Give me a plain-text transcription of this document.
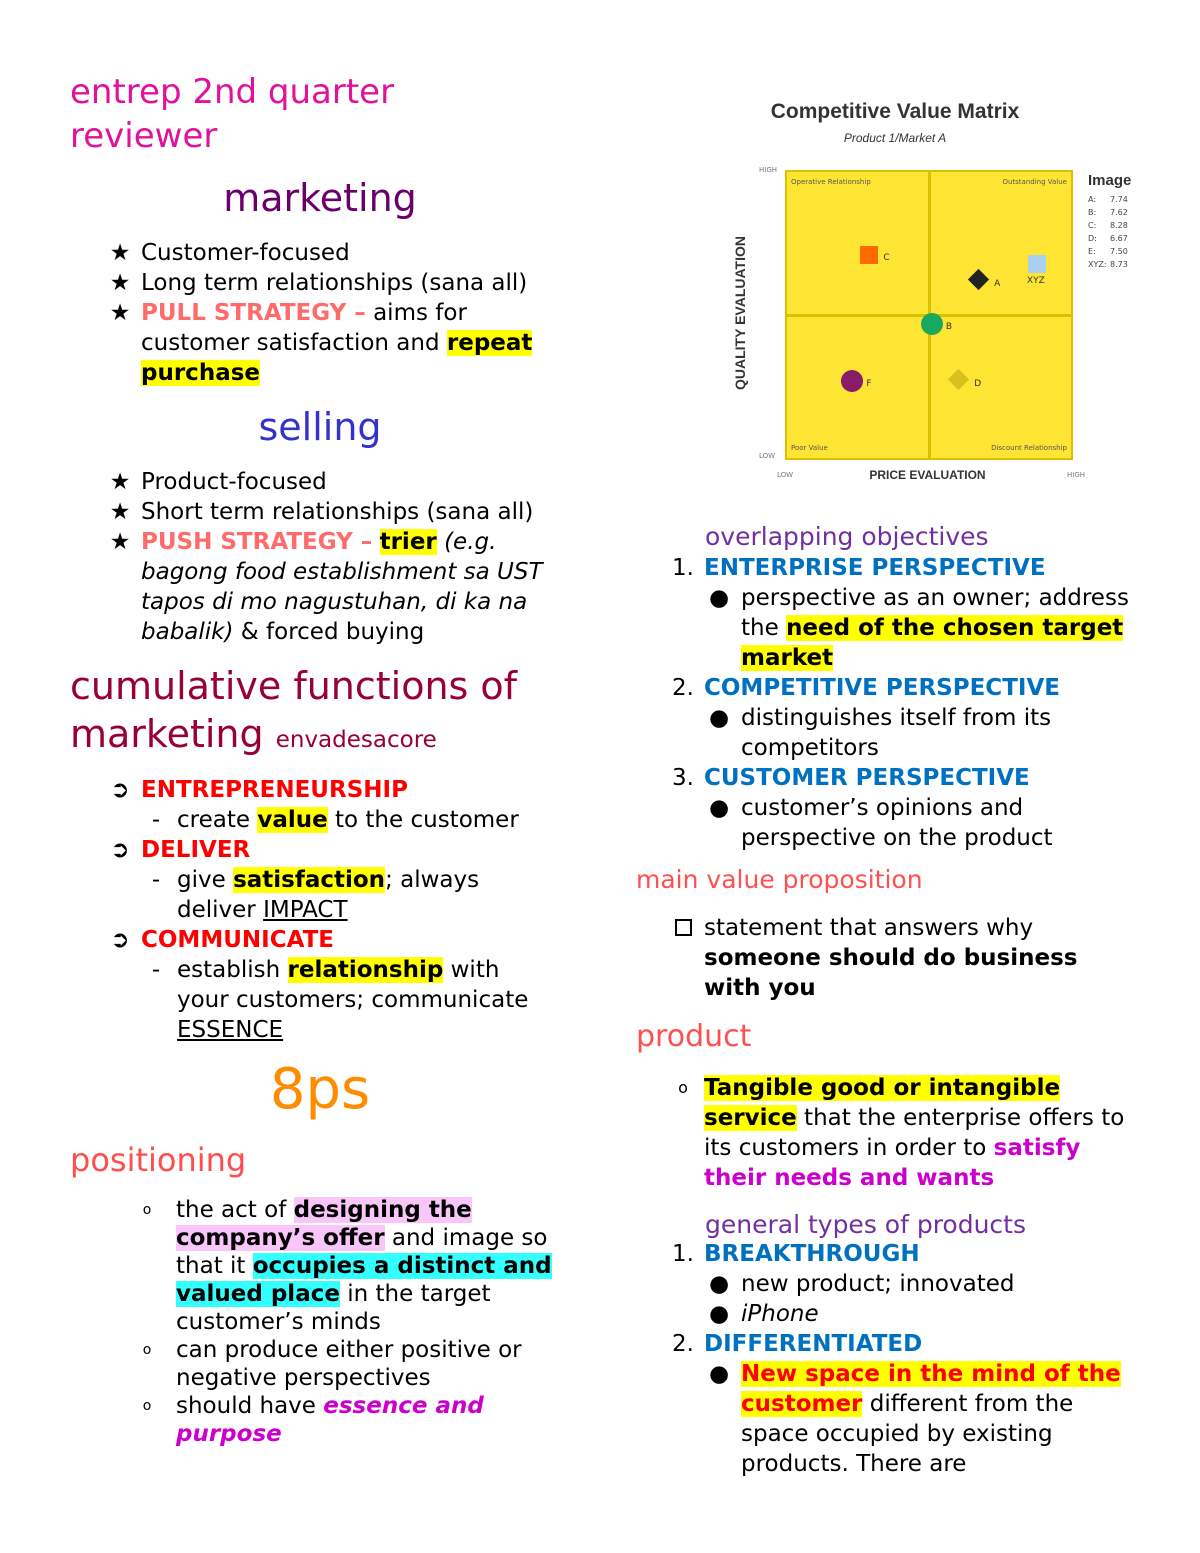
entrep 2nd quarter
reviewer
marketing
★ Customer-focused
★ Long term relationships (sana all)
★ PULL STRATEGY – aims for customer satisfaction and repeat purchase
selling
★ Product-focused
★ Short term relationships (sana all)
★ PUSH STRATEGY – trier (e.g. bagong food establishment sa UST tapos di mo nagustuhan, di ka na babalik) & forced buying
cumulative functions of
marketing envadesacore
➲ ENTREPRENEURSHIP
- create value to the customer
➲ DELIVER
- give satisfaction; always deliver IMPACT
➲ COMMUNICATE
- establish relationship with your customers; communicate ESSENCE
8ps
positioning
o the act of designing the company’s offer and image so that it occupies a distinct and valued place in the target customer’s minds
o can produce either positive or negative perspectives
o should have essence and purpose
Competitive Value Matrix
Product 1/Market A
QUALITY EVALUATION
HIGH
LOW
LOW	HIGH
PRICE EVALUATION
Operative Relationship	Outstanding Value
Poor Value	Discount Relationship
C
A	XYZ
B
F	D
Image
A: 7.74
B: 7.62
C: 8.28
D: 6.67
E: 7.50
XYZ: 8.73
overlapping objectives
1. ENTERPRISE PERSPECTIVE
● perspective as an owner; address the need of the chosen target market
2. COMPETITIVE PERSPECTIVE
● distinguishes itself from its competitors
3. CUSTOMER PERSPECTIVE
● customer’s opinions and perspective on the product
main value proposition
statement that answers why someone should do business with you
product
o Tangible good or intangible service that the enterprise offers to its customers in order to satisfy their needs and wants
general types of products
1. BREAKTHROUGH
● new product; innovated
● iPhone
2. DIFFERENTIATED
● New space in the mind of the customer different from the space occupied by existing products. There are
